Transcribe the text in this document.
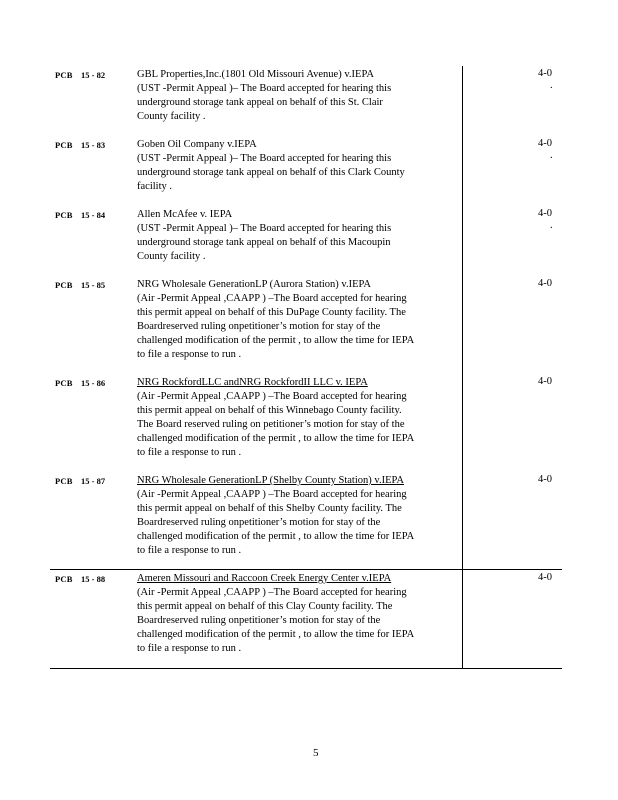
PCB 15 - 82	GBL Properties,Inc.(1801 Old Missouri Avenue) v.IEPA
(UST -Permit Appeal )– The Board accepted for hearing this
underground storage tank appeal on behalf of this St. Clair
County facility .
4-0
.
PCB 15 - 83	Goben Oil Company v.IEPA
(UST -Permit Appeal )– The Board accepted for hearing this
underground storage tank appeal on behalf of this Clark County
facility .
4-0
.
PCB 15 - 84	Allen McAfee v. IEPA
(UST -Permit Appeal )– The Board accepted for hearing this
underground storage tank appeal on behalf of this Macoupin
County facility .
4-0
.
PCB 15 - 85	NRG Wholesale GenerationLP (Aurora Station) v.IEPA
(Air -Permit Appeal ,CAAPP ) –The Board accepted for hearing
this permit appeal on behalf of this DuPage County facility. The
Boardreserved ruling onpetitioner’s motion for stay of the
challenged modification of the permit , to allow the time for IEPA
to file a response to run .
4-0
PCB 15 - 86	NRG RockfordLLC andNRG RockfordII LLC v. IEPA
(Air -Permit Appeal ,CAAPP ) –The Board accepted for hearing
this permit appeal on behalf of this Winnebago County facility.
The Board reserved ruling on petitioner’s motion for stay of the
challenged modification of the permit , to allow the time for IEPA
to file a response to run .
4-0
PCB 15 - 87	NRG Wholesale GenerationLP (Shelby County Station) v.IEPA
(Air -Permit Appeal ,CAAPP ) –The Board accepted for hearing
this permit appeal on behalf of this Shelby County facility. The
Boardreserved ruling onpetitioner’s motion for stay of the
challenged modification of the permit , to allow the time for IEPA
to file a response to run .
4-0
PCB 15 - 88	Ameren Missouri and Raccoon Creek Energy Center v.IEPA
(Air -Permit Appeal ,CAAPP ) –The Board accepted for hearing
this permit appeal on behalf of this Clay County facility. The
Boardreserved ruling onpetitioner’s motion for stay of the
challenged modification of the permit , to allow the time for IEPA
to file a response to run .
4-0
5
